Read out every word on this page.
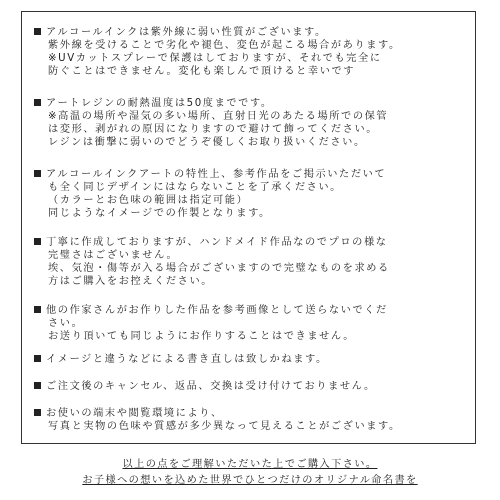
アルコールインクは紫外線に弱い性質がございます。
紫外線を受けることで劣化や褪色、変色が起こる場合があります。
※UVカットスプレーで保護はしておりますが、それでも完全に
防ぐことはできません。変化も楽しんで頂けると幸いです
アートレジンの耐熱温度は50度までです。
※高温の場所や湿気の多い場所、直射日光のあたる場所での保管
は変形、剥がれの原因になりますので避けて飾ってください。
レジンは衝撃に弱いのでどうぞ優しくお取り扱いください。
アルコールインクアートの特性上、参考作品をご掲示いただいて
も全く同じデザインにはならないことを了承ください。
（カラーとお色味の範囲は指定可能）
同じようなイメージでの作製となります。
丁寧に作成しておりますが、ハンドメイド作品なのでプロの様な
完璧さはございません。
埃、気泡・傷等が入る場合がございますので完璧なものを求める
方はご購入をお控えください。
他の作家さんがお作りした作品を参考画像として送らないでくだ
さい。
お送り頂いても同じようにお作りすることはできません。
イメージと違うなどによる書き直しは致しかねます。
ご注文後のキャンセル、返品、交換は受け付けておりません。
お使いの端末や閲覧環境により、
写真と実物の色味や質感が多少異なって見えることがございます。
以上の点をご理解いただいた上でご購入下さい。
お子様への想いを込めた世界でひとつだけのオリジナル命名書を
